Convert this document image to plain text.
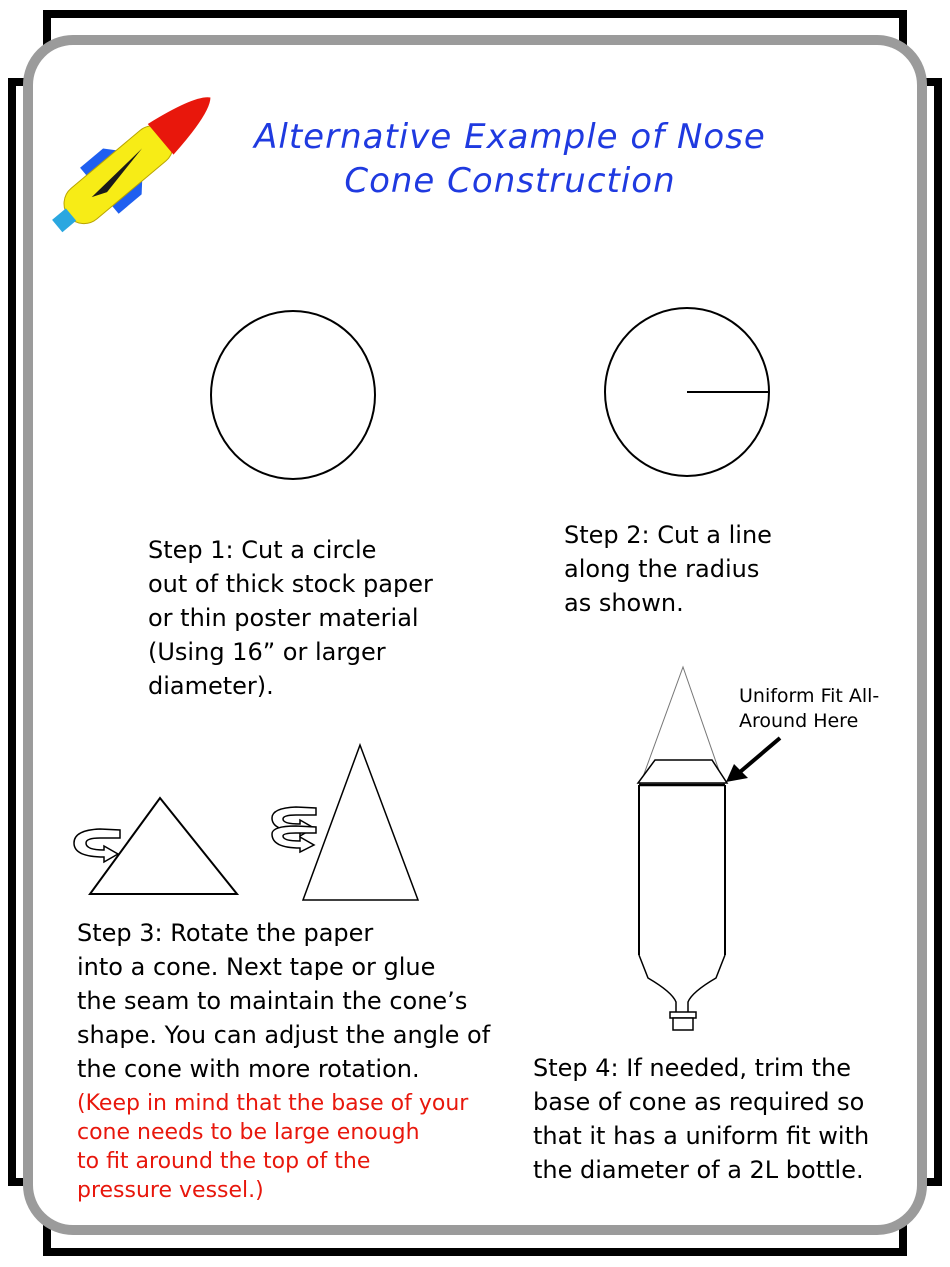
Alternative Example of Nose
Cone Construction
Step 1: Cut a circle
out of thick stock paper
or thin poster material
(Using 16” or larger
diameter).
Step 2: Cut a line
along the radius
as shown.
Step 3: Rotate the paper
into a cone. Next tape or glue
the seam to maintain the cone’s
shape. You can adjust the angle of
the cone with more rotation.
(Keep in mind that the base of your
cone needs to be large enough
to fit around the top of the
pressure vessel.)
Uniform Fit All-
Around Here
Step 4: If needed, trim the
base of cone as required so
that it has a uniform fit with
the diameter of a 2L bottle.
